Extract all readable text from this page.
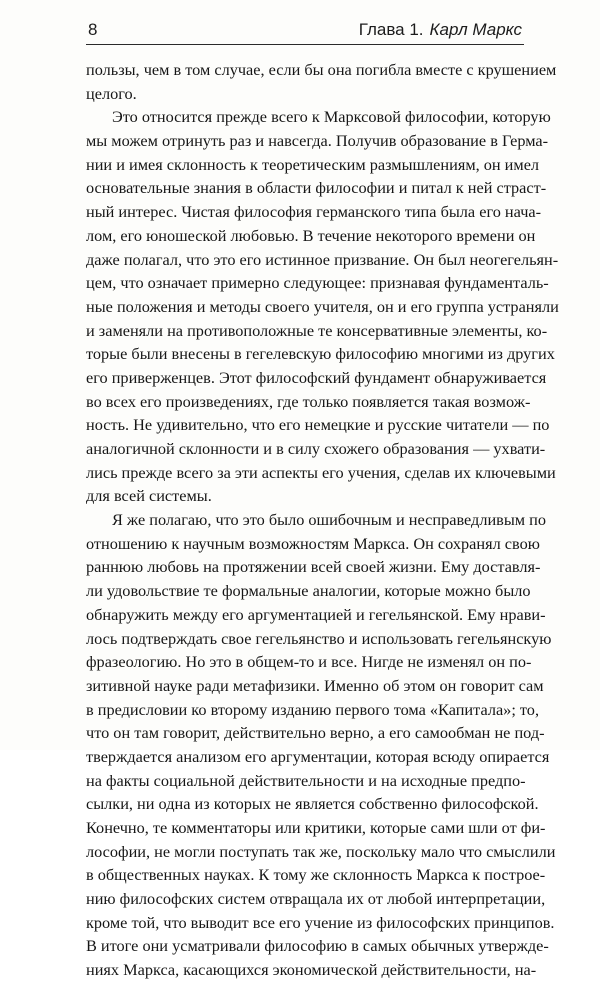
8	Глава 1. Карл Маркс
пользы, чем в том случае, если бы она погибла вместе с крушением
целого.
Это относится прежде всего к Марксовой философии, которую
мы можем отринуть раз и навсегда. Получив образование в Герма-
нии и имея склонность к теоретическим размышлениям, он имел
основательные знания в области философии и питал к ней страст-
ный интерес. Чистая философия германского типа была его нача-
лом, его юношеской любовью. В течение некоторого времени он
даже полагал, что это его истинное призвание. Он был неогегельян-
цем, что означает примерно следующее: признавая фундаменталь-
ные положения и методы своего учителя, он и его группа устраняли
и заменяли на противоположные те консервативные элементы, ко-
торые были внесены в гегелевскую философию многими из других
его приверженцев. Этот философский фундамент обнаруживается
во всех его произведениях, где только появляется такая возмож-
ность. Не удивительно, что его немецкие и русские читатели — по
аналогичной склонности и в силу схожего образования — ухвати-
лись прежде всего за эти аспекты его учения, сделав их ключевыми
для всей системы.
Я же полагаю, что это было ошибочным и несправедливым по
отношению к научным возможностям Маркса. Он сохранял свою
раннюю любовь на протяжении всей своей жизни. Ему доставля-
ли удовольствие те формальные аналогии, которые можно было
обнаружить между его аргументацией и гегельянской. Ему нрави-
лось подтверждать свое гегельянство и использовать гегельянскую
фразеологию. Но это в общем-то и все. Нигде не изменял он по-
зитивной науке ради метафизики. Именно об этом он говорит сам
в предисловии ко второму изданию первого тома «Капитала»; то,
что он там говорит, действительно верно, а его самообман не под-
тверждается анализом его аргументации, которая всюду опирается
на факты социальной действительности и на исходные предпо-
сылки, ни одна из которых не является собственно философской.
Конечно, те комментаторы или критики, которые сами шли от фи-
лософии, не могли поступать так же, поскольку мало что смыслили
в общественных науках. К тому же склонность Маркса к построе-
нию философских систем отвращала их от любой интерпретации,
кроме той, что выводит все его учение из философских принципов.
В итоге они усматривали философию в самых обычных утвержде-
ниях Маркса, касающихся экономической действительности, на-
